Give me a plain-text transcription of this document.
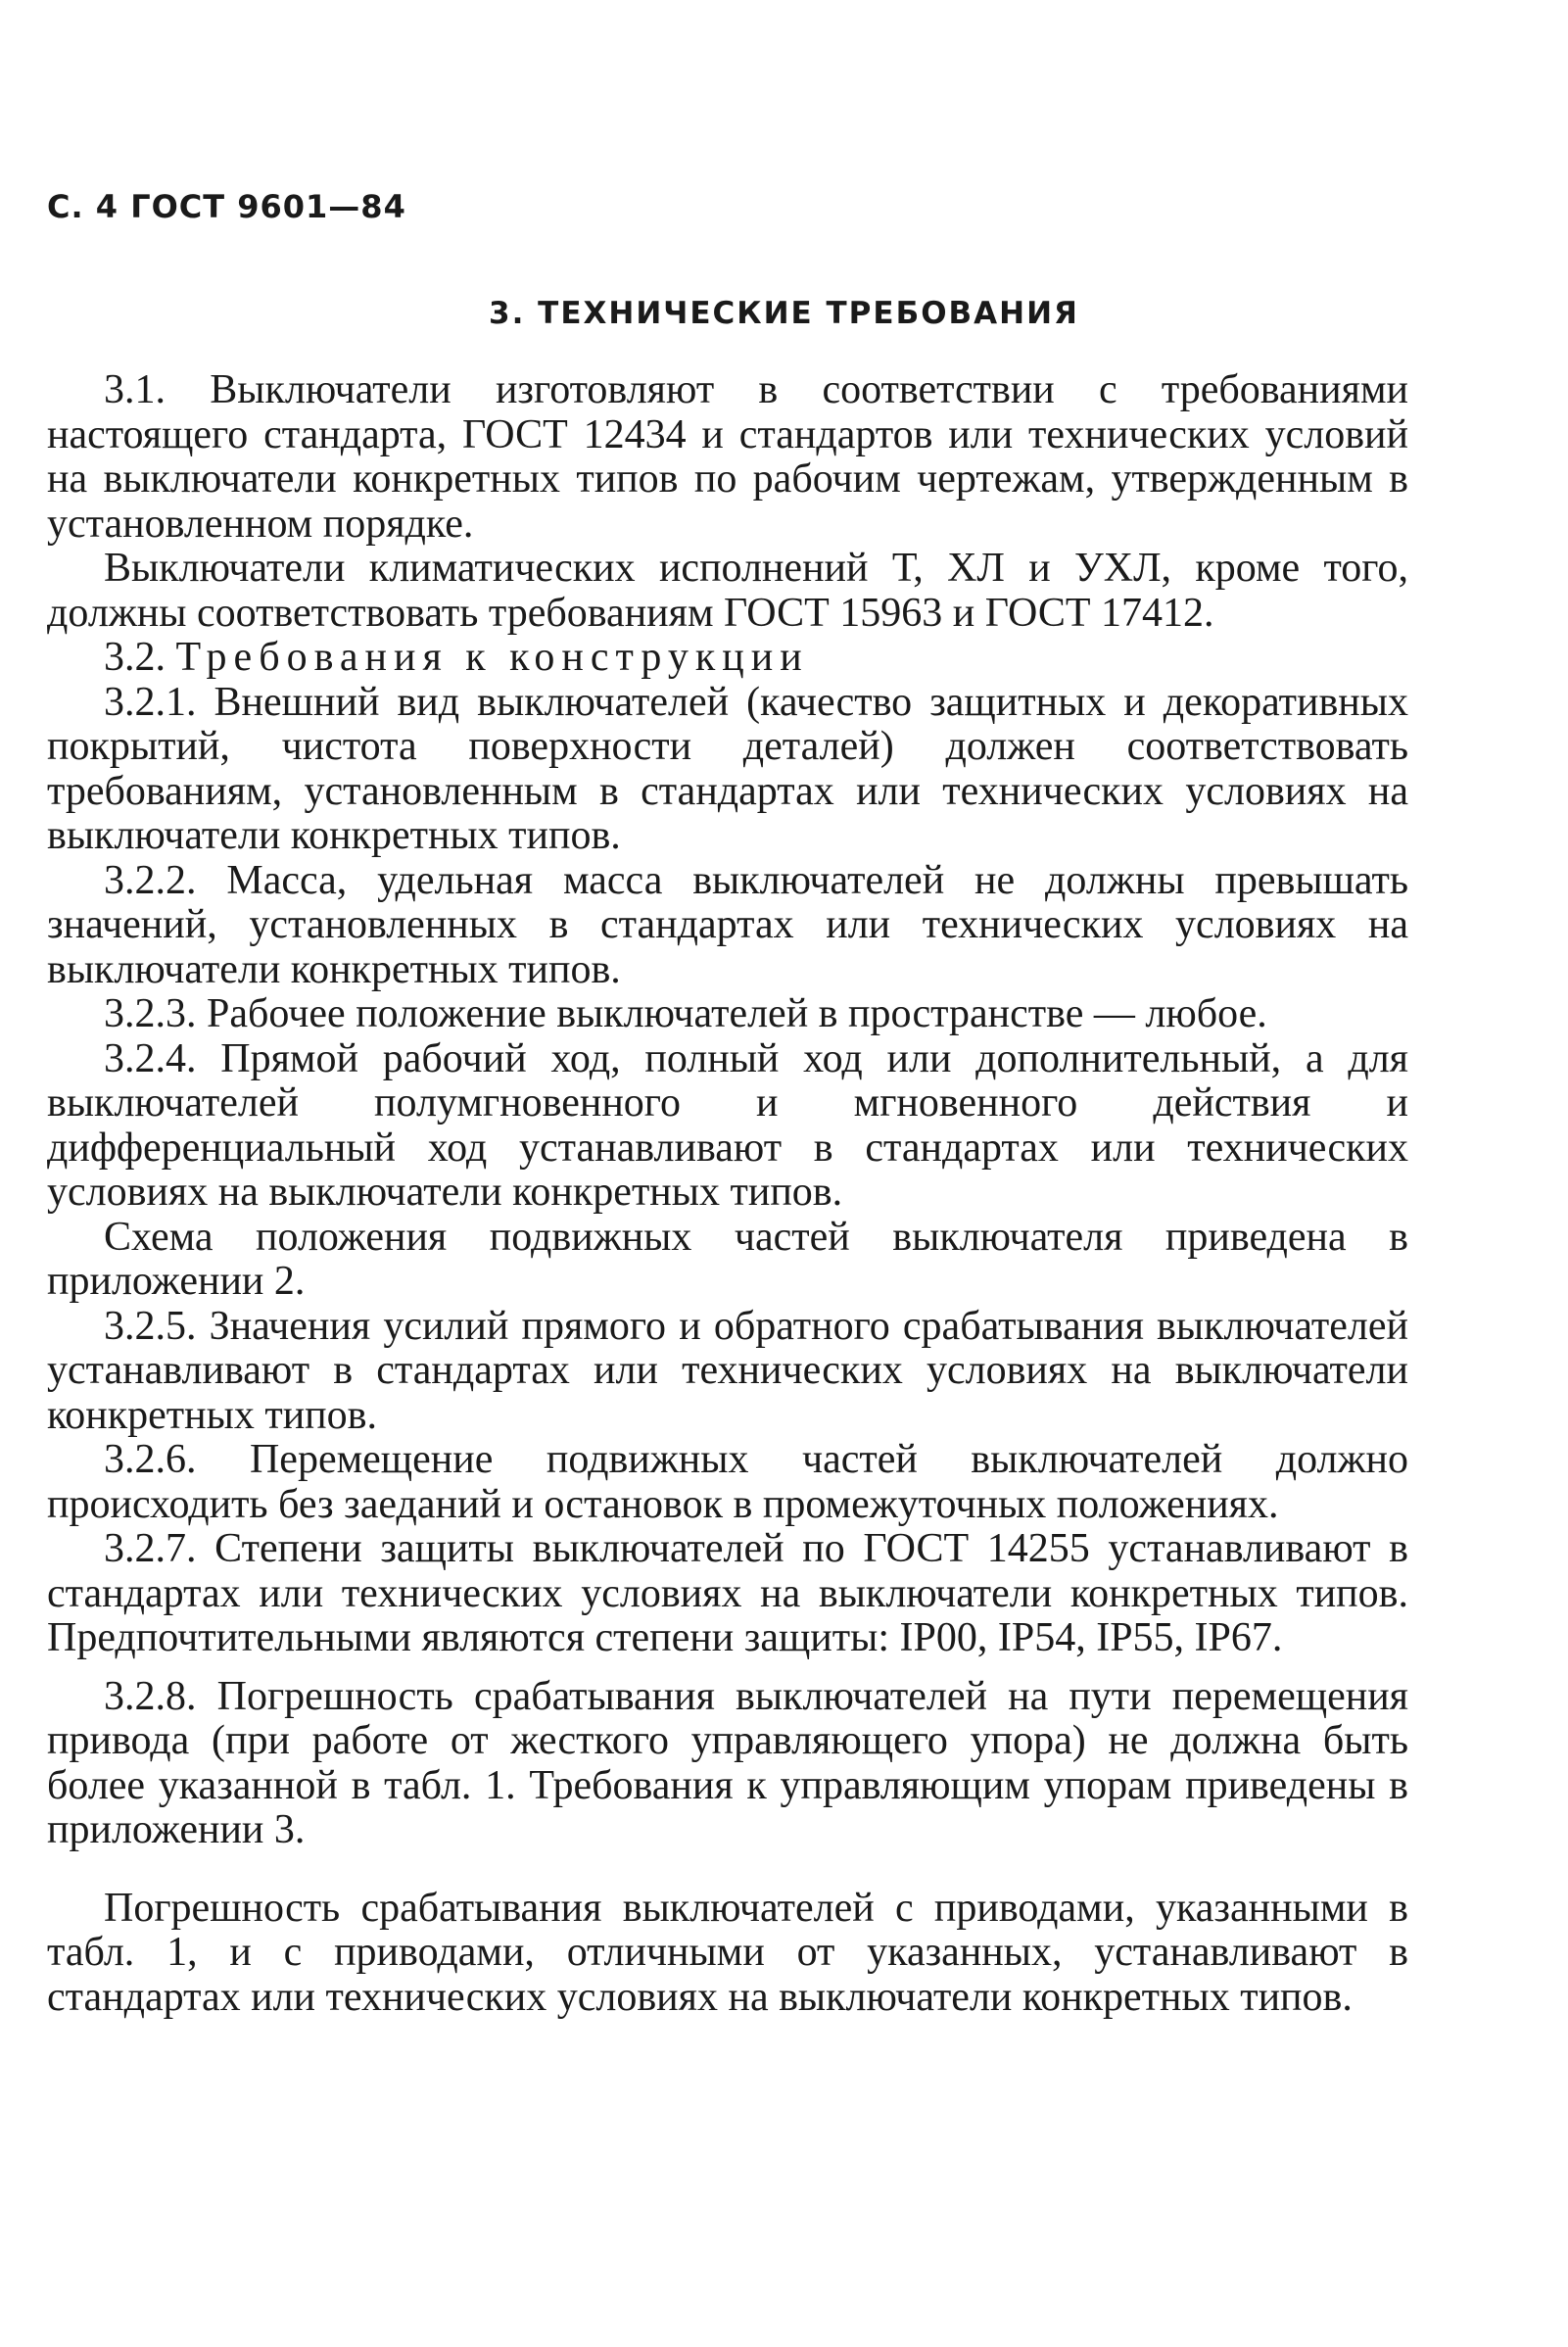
С. 4 ГОСТ 9601—84
3. ТЕХНИЧЕСКИЕ ТРЕБОВАНИЯ

3.1. Выключатели изготовляют в соответствии с требованиями настоящего стандарта, ГОСТ 12434 и стандартов или технических условий на выключатели конкретных типов по рабочим чертежам, утвержденным в установленном порядке.

Выключатели климатических исполнений Т, ХЛ и УХЛ, кроме того, должны соответствовать требованиям ГОСТ 15963 и ГОСТ 17412.

3.2. Требования к конструкции

3.2.1. Внешний вид выключателей (качество защитных и декоративных покрытий, чистота поверхности деталей) должен соответствовать требованиям, установленным в стандартах или технических условиях на выключатели конкретных типов.

3.2.2. Масса, удельная масса выключателей не должны превышать значений, установленных в стандартах или технических условиях на выключатели конкретных типов.

3.2.3. Рабочее положение выключателей в пространстве — любое.

3.2.4. Прямой рабочий ход, полный ход или дополнительный, а для выключателей полумгновенного и мгновенного действия и дифференциальный ход устанавливают в стандартах или технических условиях на выключатели конкретных типов.

Схема положения подвижных частей выключателя приведена в приложении 2.

3.2.5. Значения усилий прямого и обратного срабатывания выключателей устанавливают в стандартах или технических условиях на выключатели конкретных типов.

3.2.6. Перемещение подвижных частей выключателей должно происходить без заеданий и остановок в промежуточных положениях.

3.2.7. Степени защиты выключателей по ГОСТ 14255 устанавливают в стандартах или технических условиях на выключатели конкретных типов. Предпочтительными являются степени защиты: IP00, IP54, IP55, IP67.

3.2.8. Погрешность срабатывания выключателей на пути перемещения привода (при работе от жесткого управляющего упора) не должна быть более указанной в табл. 1. Требования к управляющим упорам приведены в приложении 3.

Погрешность срабатывания выключателей с приводами, указанными в табл. 1, и с приводами, отличными от указанных, устанавливают в стандартах или технических условиях на выключатели конкретных типов.
